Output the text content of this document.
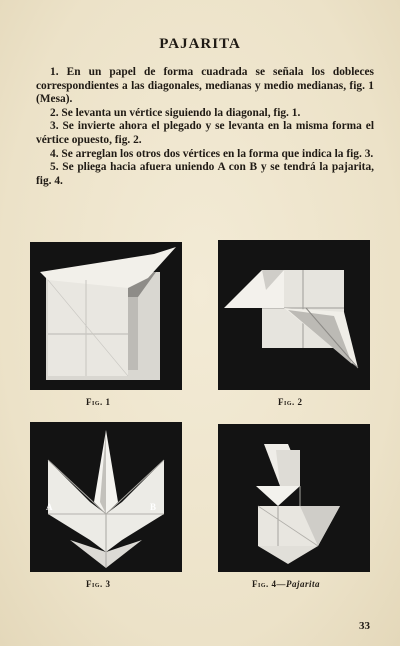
PAJARITA

1. En un papel de forma cuadrada se señala los dobleces correspondientes a las diagonales, medianas y medio medianas, fig. 1 (Mesa).

2. Se levanta un vértice siguiendo la diagonal, fig. 1.

3. Se invierte ahora el plegado y se levanta en la misma forma el vértice opuesto, fig. 2.

4. Se arreglan los otros dos vértices en la forma que indica la fig. 3.

5. Se pliega hacia afuera uniendo A con B y se tendrá la pajarita, fig. 4.

Fig. 1	Fig. 2
A	B
Fig. 3	Fig. 4—Pajarita
33
